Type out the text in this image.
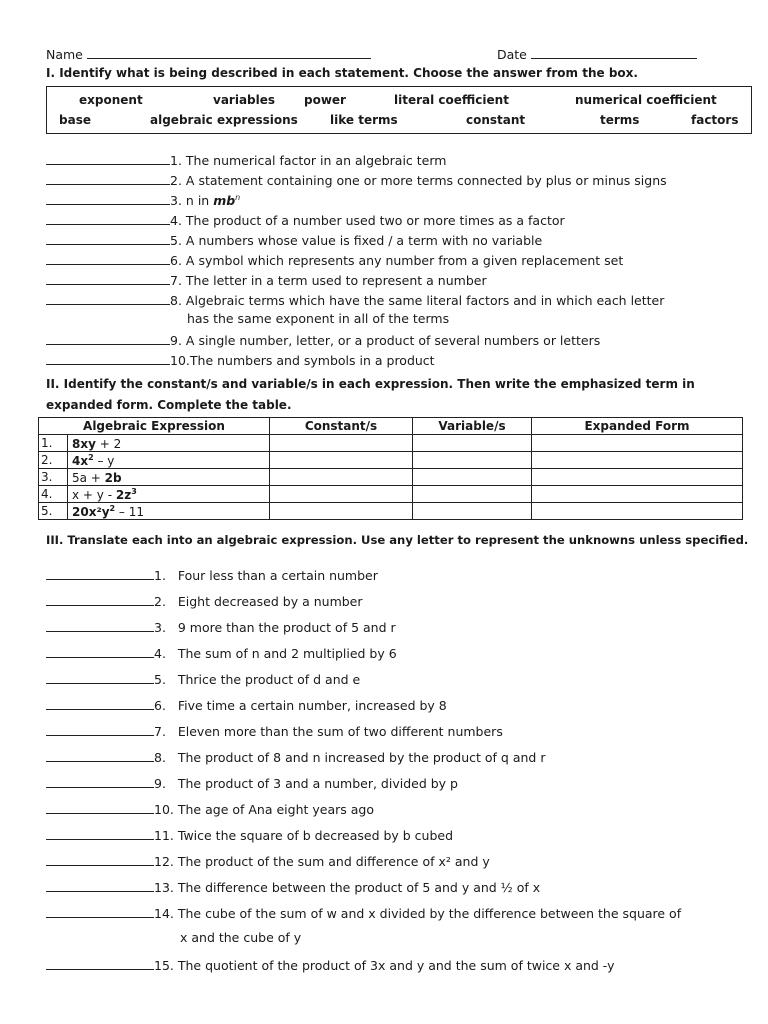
Name	Date
I. Identify what is being described in each statement. Choose the answer from the box.
exponent	variables power	literal coefficient	numerical coefficient
base	algebraic expressions	like terms	constant	terms	factors
1. The numerical factor in an algebraic term
2. A statement containing one or more terms connected by plus or minus signs
3. n in $mb^n$
4. The product of a number used two or more times as a factor
5. A numbers whose value is fixed / a term with no variable
6. A symbol which represents any number from a given replacement set
7. The letter in a term used to represent a number
8. Algebraic terms which have the same literal factors and in which each letter
has the same exponent in all of the terms
9. A single number, letter, or a product of several numbers or letters
10.The numbers and symbols in a product
II. Identify the constant/s and variable/s in each expression. Then write the emphasized term in
expanded form. Complete the table.
Algebraic Expression		Constant/s	Variable/s	Expanded Form
1.	8xy + 2			
2.	$4x^2$ – y			
3.	5a + 2b			
4.	$x + y - 2z^3$			
5.	$20x^2y^2 - 11$			
III. Translate each into an algebraic expression. Use any letter to represent the unknowns unless specified.
1. Four less than a certain number
2. Eight decreased by a number
3. 9 more than the product of 5 and r
4. The sum of n and 2 multiplied by 6
5. Thrice the product of d and e
6. Five time a certain number, increased by 8
7. Eleven more than the sum of two different numbers
8. The product of 8 and n increased by the product of q and r
9. The product of 3 and a number, divided by p
10. The age of Ana eight years ago
11. Twice the square of b decreased by b cubed
12. The product of the sum and difference of x² and y
13. The difference between the product of 5 and y and ½ of x
14. The cube of the sum of w and x divided by the difference between the square of
x and the cube of y
15. The quotient of the product of 3x and y and the sum of twice x and -y
